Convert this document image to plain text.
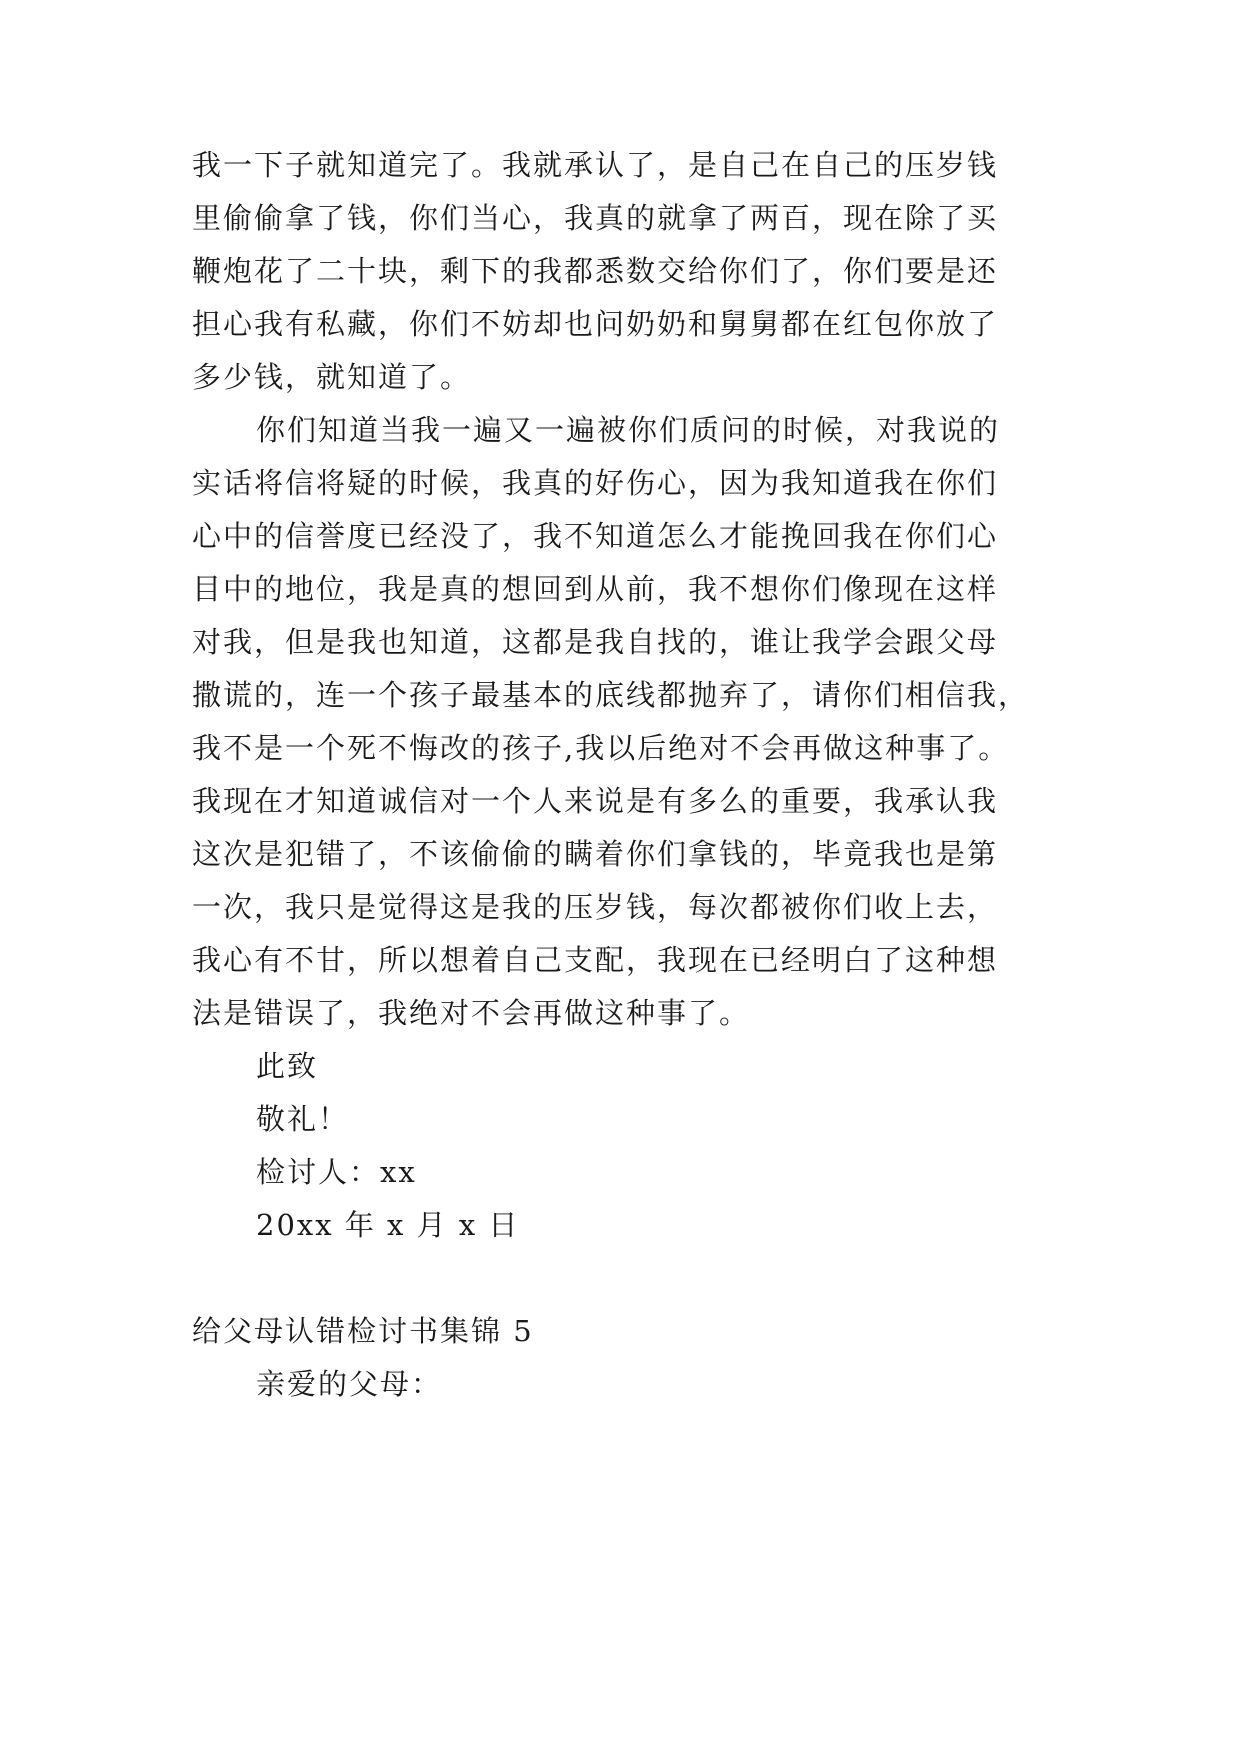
我一下子就知道完了。我就承认了，是自己在自己的压岁钱
里偷偷拿了钱，你们当心，我真的就拿了两百，现在除了买
鞭炮花了二十块，剩下的我都悉数交给你们了，你们要是还
担心我有私藏，你们不妨却也问奶奶和舅舅都在红包你放了
多少钱，就知道了。
你们知道当我一遍又一遍被你们质问的时候，对我说的
实话将信将疑的时候，我真的好伤心，因为我知道我在你们
心中的信誉度已经没了，我不知道怎么才能挽回我在你们心
目中的地位，我是真的想回到从前，我不想你们像现在这样
对我，但是我也知道，这都是我自找的，谁让我学会跟父母
撒谎的，连一个孩子最基本的底线都抛弃了，请你们相信我，
我不是一个死不悔改的孩子,我以后绝对不会再做这种事了。
我现在才知道诚信对一个人来说是有多么的重要，我承认我
这次是犯错了，不该偷偷的瞒着你们拿钱的，毕竟我也是第
一次，我只是觉得这是我的压岁钱，每次都被你们收上去，
我心有不甘，所以想着自己支配，我现在已经明白了这种想
法是错误了，我绝对不会再做这种事了。
此致
敬礼！
检讨人：xx
20xx 年 x 月 x 日
给父母认错检讨书集锦 5
亲爱的父母：
